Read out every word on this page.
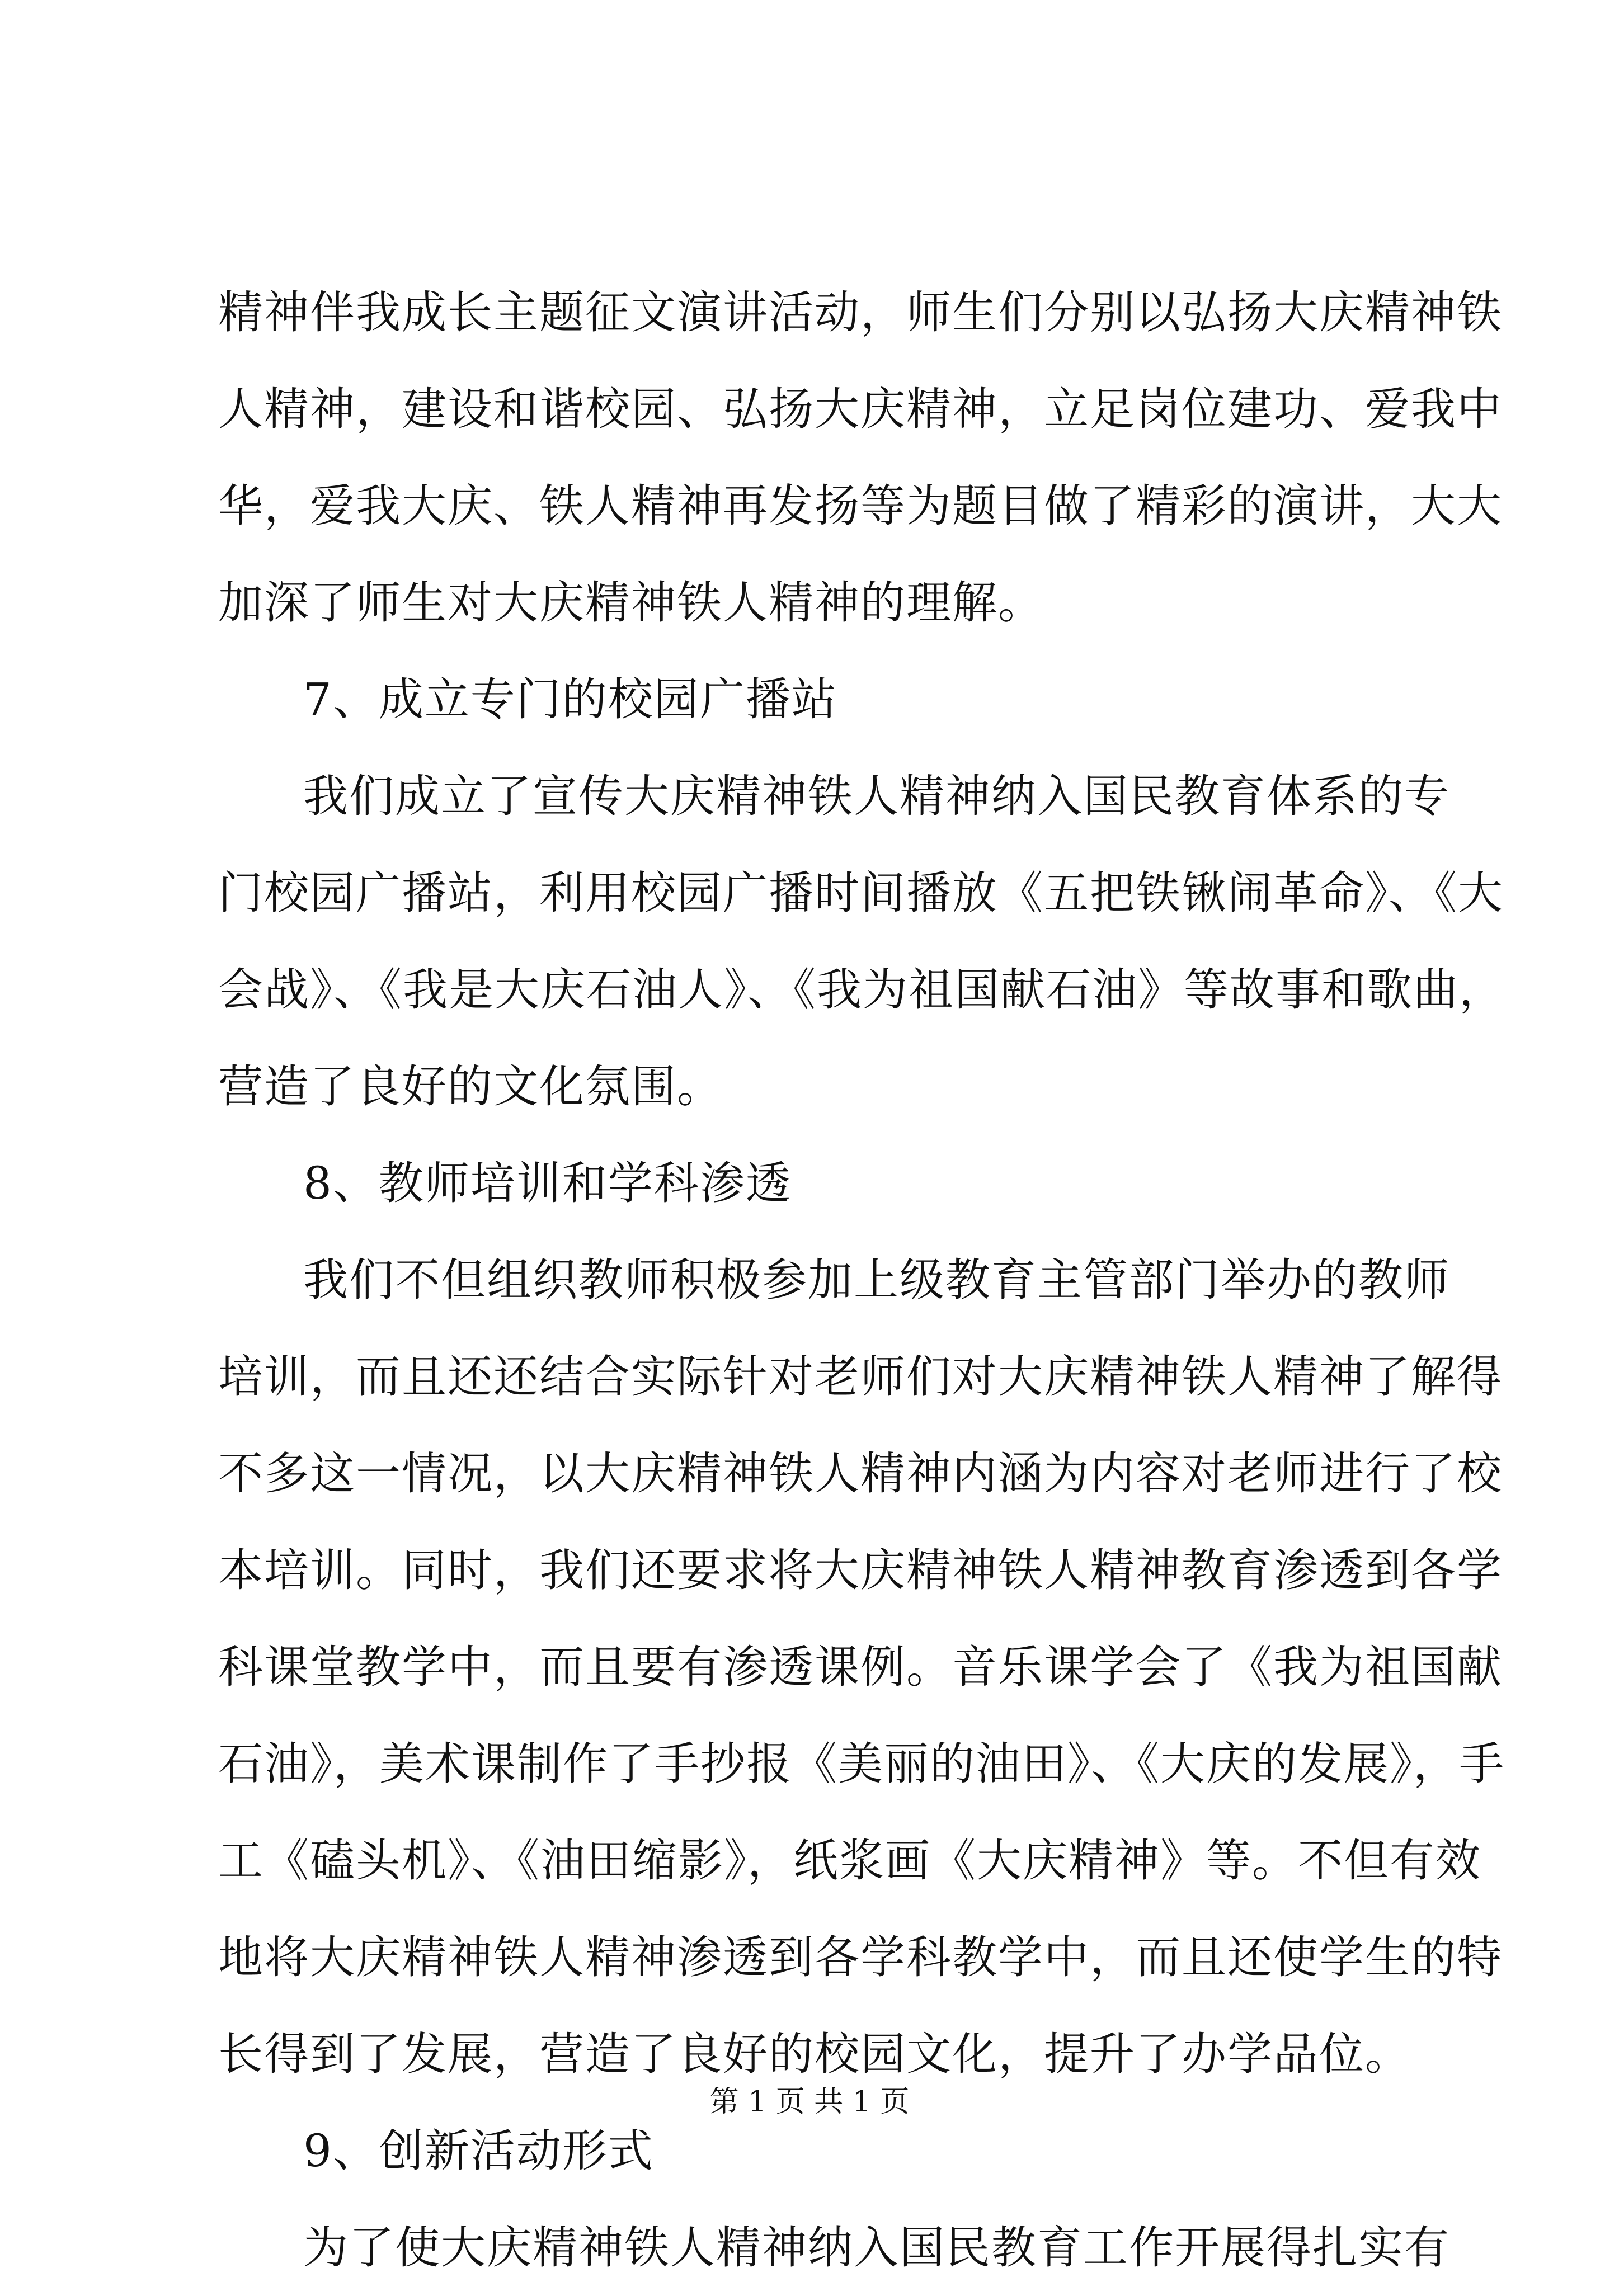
精神伴我成长主题征文演讲活动，师生们分别以弘扬大庆精神铁
人精神，建设和谐校园、弘扬大庆精神，立足岗位建功、爱我中
华，爱我大庆、铁人精神再发扬等为题目做了精彩的演讲，大大
加深了师生对大庆精神铁人精神的理解。
7、成立专门的校园广播站
我们成立了宣传大庆精神铁人精神纳入国民教育体系的专
门校园广播站，利用校园广播时间播放《五把铁锹闹革命》、《大
会战》、《我是大庆石油人》、《我为祖国献石油》等故事和歌曲，
营造了良好的文化氛围。
8、教师培训和学科渗透
我们不但组织教师积极参加上级教育主管部门举办的教师
培训，而且还还结合实际针对老师们对大庆精神铁人精神了解得
不多这一情况，以大庆精神铁人精神内涵为内容对老师进行了校
本培训。同时，我们还要求将大庆精神铁人精神教育渗透到各学
科课堂教学中，而且要有渗透课例。音乐课学会了《我为祖国献
石油》，美术课制作了手抄报《美丽的油田》、《大庆的发展》，手
工《磕头机》、《油田缩影》，纸浆画《大庆精神》等。不但有效
地将大庆精神铁人精神渗透到各学科教学中，而且还使学生的特
长得到了发展，营造了良好的校园文化，提升了办学品位。
9、创新活动形式
为了使大庆精神铁人精神纳入国民教育工作开展得扎实有
第 1 页 共 1 页
